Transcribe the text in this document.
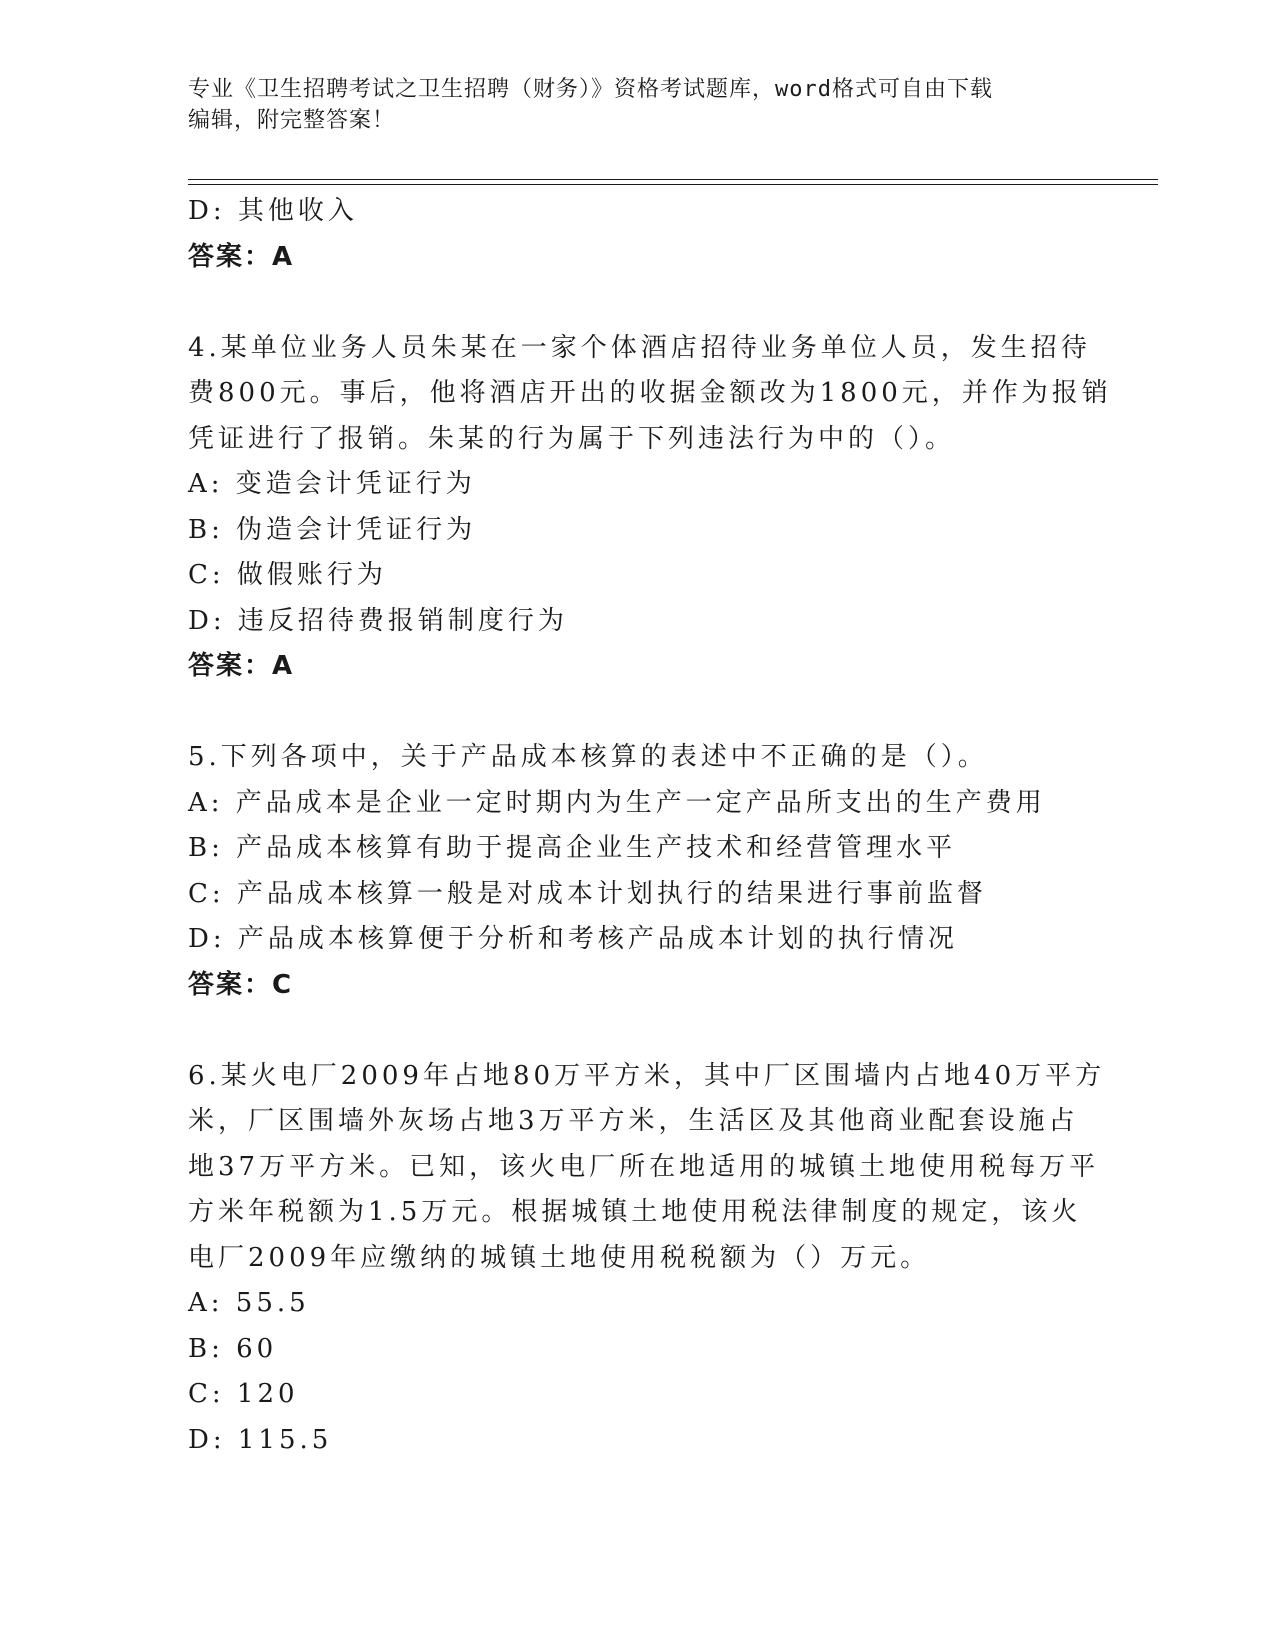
专业《卫生招聘考试之卫生招聘（财务）》资格考试题库，word格式可自由下载
编辑，附完整答案！
D: 其他收入
答案：A
4.某单位业务人员朱某在一家个体酒店招待业务单位人员，发生招待
费800元。事后，他将酒店开出的收据金额改为1800元，并作为报销
凭证进行了报销。朱某的行为属于下列违法行为中的（）。
A: 变造会计凭证行为
B: 伪造会计凭证行为
C: 做假账行为
D: 违反招待费报销制度行为
答案：A
5.下列各项中，关于产品成本核算的表述中不正确的是（）。
A: 产品成本是企业一定时期内为生产一定产品所支出的生产费用
B: 产品成本核算有助于提高企业生产技术和经营管理水平
C: 产品成本核算一般是对成本计划执行的结果进行事前监督
D: 产品成本核算便于分析和考核产品成本计划的执行情况
答案：C
6.某火电厂2009年占地80万平方米，其中厂区围墙内占地40万平方
米，厂区围墙外灰场占地3万平方米，生活区及其他商业配套设施占
地37万平方米。已知，该火电厂所在地适用的城镇土地使用税每万平
方米年税额为1.5万元。根据城镇土地使用税法律制度的规定，该火
电厂2009年应缴纳的城镇土地使用税税额为（）万元。
A: 55.5
B: 60
C: 120
D: 115.5
